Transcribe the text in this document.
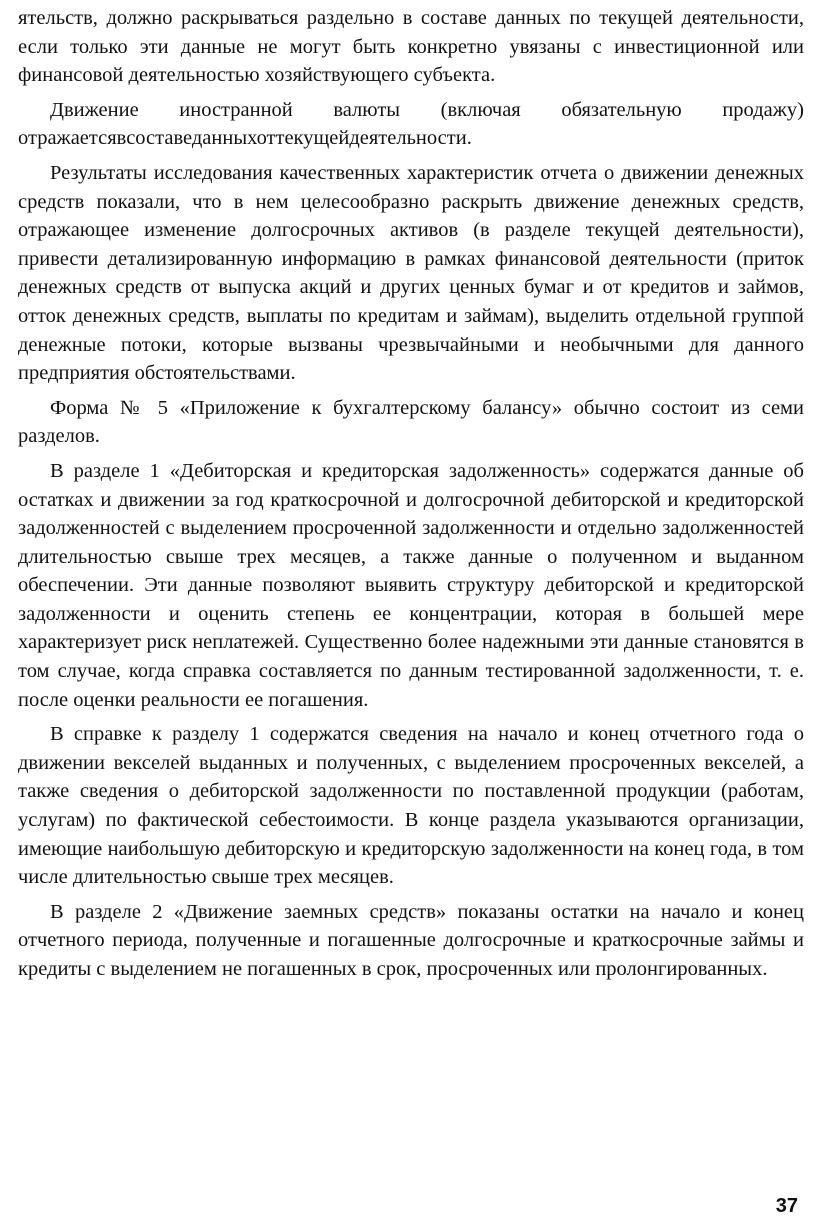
ятельств, должно раскрываться раздельно в составе данных по текущей деятельности, если только эти данные не могут быть конкретно увязаны с инвестиционной или финансовой деятельностью хозяйствующего субъекта.

Движение иностранной валюты (включая обязательную продажу) отражаетсявсоставеданныхоттекущейдеятельности.

Результаты исследования качественных характеристик отчета о движении денежных средств показали, что в нем целесообразно раскрыть движение денежных средств, отражающее изменение долгосрочных активов (в разделе текущей деятельности), привести детализированную информацию в рамках финансовой деятельности (приток денежных средств от выпуска акций и других ценных бумаг и от кредитов и займов, отток денежных средств, выплаты по кредитам и займам), выделить отдельной группой денежные потоки, которые вызваны чрезвычайными и необычными для данного предприятия обстоятельствами.

Форма № 5 «Приложение к бухгалтерскому балансу» обычно состоит из семи разделов.

В разделе 1 «Дебиторская и кредиторская задолженность» содержатся данные об остатках и движении за год краткосрочной и долгосрочной дебиторской и кредиторской задолженностей с выделением просроченной задолженности и отдельно задолженностей длительностью свыше трех месяцев, а также данные о полученном и выданном обеспечении. Эти данные позволяют выявить структуру дебиторской и кредиторской задолженности и оценить степень ее концентрации, которая в большей мере характеризует риск неплатежей. Существенно более надежными эти данные становятся в том случае, когда справка составляется по данным тестированной задолженности, т. е. после оценки реальности ее погашения.

В справке к разделу 1 содержатся сведения на начало и конец отчетного года о движении векселей выданных и полученных, с выделением просроченных векселей, а также сведения о дебиторской задолженности по поставленной продукции (работам, услугам) по фактической себестоимости. В конце раздела указываются организации, имеющие наибольшую дебиторскую и кредиторскую задолженности на конец года, в том числе длительностью свыше трех месяцев.

В разделе 2 «Движение заемных средств» показаны остатки на начало и конец отчетного периода, полученные и погашенные долгосрочные и краткосрочные займы и кредиты с выделением не погашенных в срок, просроченных или пролонгированных.

37
